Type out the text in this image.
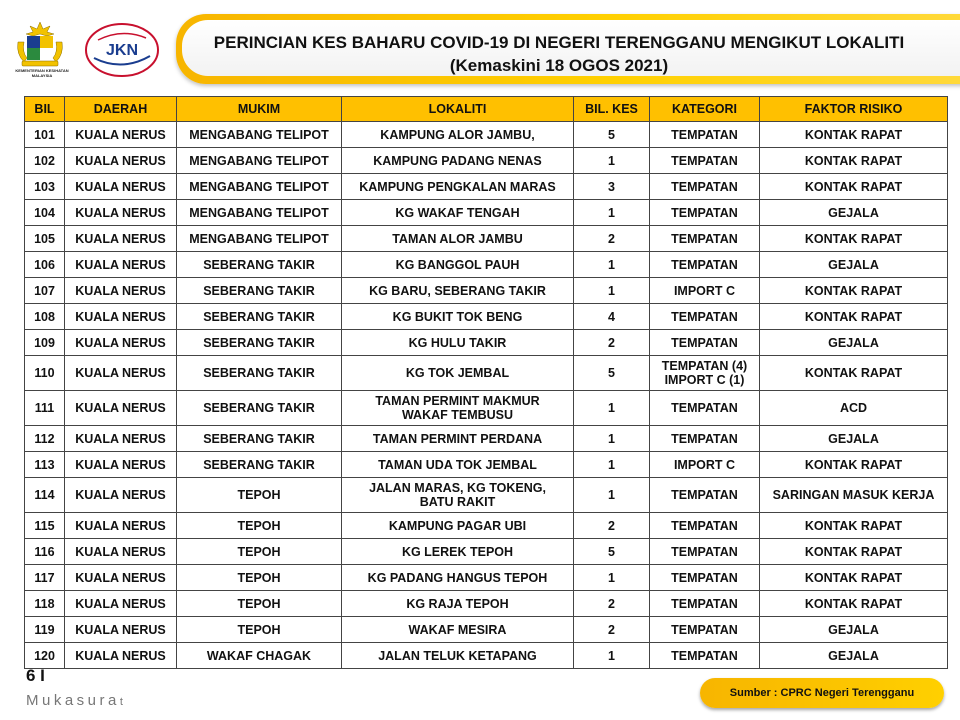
KEMENTERIAN KESIHATAN MALAYSIA
JKN	PERINCIAN KES BAHARU COVID-19 DI NEGERI TERENGGANU MENGIKUT LOKALITI
(Kemaskini 18 OGOS 2021)
BIL	DAERAH	MUKIM	LOKALITI	BIL. KES	KATEGORI	FAKTOR RISIKO
101	KUALA NERUS	MENGABANG TELIPOT	KAMPUNG ALOR JAMBU,	5	TEMPATAN	KONTAK RAPAT
102	KUALA NERUS	MENGABANG TELIPOT	KAMPUNG PADANG NENAS	1	TEMPATAN	KONTAK RAPAT
103	KUALA NERUS	MENGABANG TELIPOT	KAMPUNG PENGKALAN MARAS	3	TEMPATAN	KONTAK RAPAT
104	KUALA NERUS	MENGABANG TELIPOT	KG WAKAF TENGAH	1	TEMPATAN	GEJALA
105	KUALA NERUS	MENGABANG TELIPOT	TAMAN ALOR JAMBU	2	TEMPATAN	KONTAK RAPAT
106	KUALA NERUS	SEBERANG TAKIR	KG BANGGOL PAUH	1	TEMPATAN	GEJALA
107	KUALA NERUS	SEBERANG TAKIR	KG BARU, SEBERANG TAKIR	1	IMPORT C	KONTAK RAPAT
108	KUALA NERUS	SEBERANG TAKIR	KG BUKIT TOK BENG	4	TEMPATAN	KONTAK RAPAT
109	KUALA NERUS	SEBERANG TAKIR	KG HULU TAKIR	2	TEMPATAN	GEJALA
110	KUALA NERUS	SEBERANG TAKIR	KG TOK JEMBAL	5	TEMPATAN (4)
IMPORT C (1)	KONTAK RAPAT
111	KUALA NERUS	SEBERANG TAKIR	TAMAN PERMINT MAKMUR
WAKAF TEMBUSU	1	TEMPATAN	ACD
112	KUALA NERUS	SEBERANG TAKIR	TAMAN PERMINT PERDANA	1	TEMPATAN	GEJALA
113	KUALA NERUS	SEBERANG TAKIR	TAMAN UDA TOK JEMBAL	1	IMPORT C	KONTAK RAPAT
114	KUALA NERUS	TEPOH	JALAN MARAS, KG TOKENG,
BATU RAKIT	1	TEMPATAN	SARINGAN MASUK KERJA
115	KUALA NERUS	TEPOH	KAMPUNG PAGAR UBI	2	TEMPATAN	KONTAK RAPAT
116	KUALA NERUS	TEPOH	KG LEREK TEPOH	5	TEMPATAN	KONTAK RAPAT
117	KUALA NERUS	TEPOH	KG PADANG HANGUS TEPOH	1	TEMPATAN	KONTAK RAPAT
118	KUALA NERUS	TEPOH	KG RAJA TEPOH	2	TEMPATAN	KONTAK RAPAT
119	KUALA NERUS	TEPOH	WAKAF MESIRA	2	TEMPATAN	GEJALA
120	KUALA NERUS	WAKAF CHAGAK	JALAN TELUK KETAPANG	1	TEMPATAN	GEJALA
6 I
Mukasurat
Sumber : CPRC Negeri Terengganu
